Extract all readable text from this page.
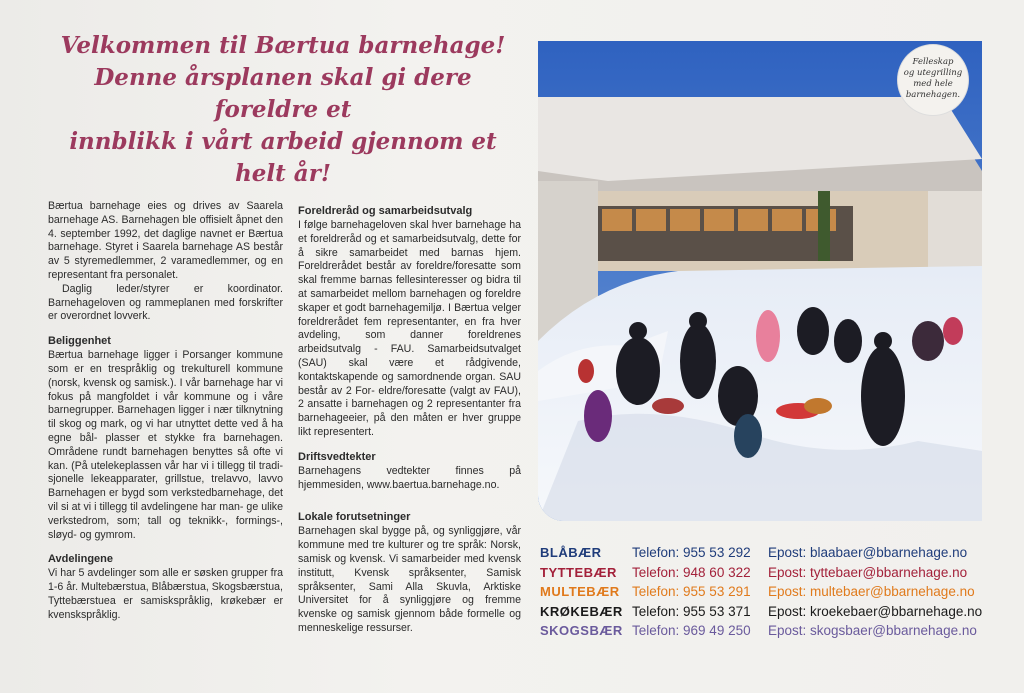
Velkommen til Bærtua barnehage!
Denne årsplanen skal gi dere foreldre et
innblikk i vårt arbeid gjennom et helt år!

Bærtua barnehage eies og drives av Saarela barnehage AS. Barnehagen ble offisielt åpnet den 4. september 1992, det daglige navnet er Bærtua barnehage. Styret i Saarela barnehage AS består av 5 styremedlemmer, 2 varamedlemmer, og en representant fra personalet.

Daglig leder/styrer er koordinator. Barnehageloven og rammeplanen med forskrifter er overordnet lovverk.

Beliggenhet

Bærtua barnehage ligger i Porsanger kommune som er en trespråklig og trekulturell kommune (norsk, kvensk og samisk.). I vår barnehage har vi fokus på mangfoldet i vår kommune og i våre barnegrupper. Barnehagen ligger i nær tilknytning til skog og mark, og vi har utnyttet dette ved å ha egne bål- plasser et stykke fra barnehagen. Områdene rundt barnehagen benyttes så ofte vi kan. (På utelekeplassen vår har vi i tillegg til tradi- sjonelle lekeapparater, grillstue, trelavvo, lavvo Barnehagen er bygd som verkstedbarnehage, det vil si at vi i tillegg til avdelingene har man- ge ulike verkstedrom, som; tall og teknikk-, formings-, sløyd- og gymrom.

Avdelingene

Vi har 5 avdelinger som alle er søsken grupper fra 1-6 år. Multebærstua, Blåbærstua, Skogsbærstua, Tyttebærstuea er samiskspråklig, krøkebær er kvenskspråklig.

Foreldreråd og samarbeidsutvalg

I følge barnehageloven skal hver barnehage ha et foreldreråd og et samarbeidsutvalg, dette for å sikre samarbeidet med barnas hjem. Foreldrerådet består av foreldre/foresatte som skal fremme barnas fellesinteresser og bidra til at samarbeidet mellom barnehagen og foreldre skaper et godt barnehagemiljø. I Bærtua velger foreldrerådet fem representanter, en fra hver avdeling, som danner foreldrenes arbeidsutvalg - FAU. Samarbeidsutvalget (SAU) skal være et rådgivende, kontaktskapende og samordnende organ. SAU består av 2 For- eldre/foresatte (valgt av FAU), 2 ansatte i barnehagen og 2 representanter fra barnehageeier, på den måten er hver gruppe likt representert.

Driftsvedtekter

Barnehagens vedtekter finnes på hjemmesiden, www.baertua.barnehage.no.

Lokale forutsetninger

Barnehagen skal bygge på, og synliggjøre, vår kommune med tre kulturer og tre språk: Norsk, samisk og kvensk. Vi samarbeider med kvensk institutt, Kvensk språksenter, Samisk språksenter, Sami Alla Skuvla, Arktiske Universitet for å synliggjøre og fremme kvenske og samisk gjennom både formelle og menneskelige ressurser.

Felleskap
og utegrilling
med hele
barnehagen.
BLÅBÆR	Telefon: 955 53 292	Epost: blaabaer@bbarnehage.no
TYTTEBÆR	Telefon: 948 60 322	Epost: tyttebaer@bbarnehage.no
MULTEBÆR Telefon: 955 53 291	Epost: multebaer@bbarnehage.no
KRØKEBÆR Telefon: 955 53 371	Epost: kroekebaer@bbarnehage.no
SKOGSBÆR Telefon: 969 49 250	Epost: skogsbaer@bbarnehage.no
